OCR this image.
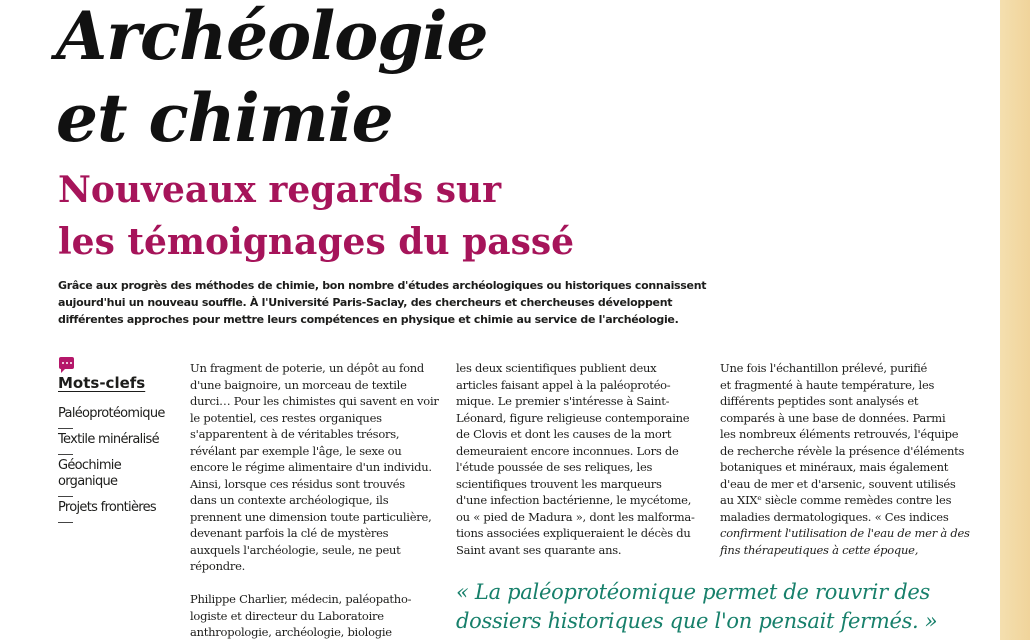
Archéologie
et chimie
Nouveaux regards sur
les témoignages du passé

Grâce aux progrès des méthodes de chimie, bon nombre d'études archéologiques ou historiques connaissent aujourd'hui un nouveau souffle. À l'Université Paris-Saclay, des chercheurs et chercheuses développent différentes approches pour mettre leurs compétences en physique et chimie au service de l'archéologie.

Mots-clefs
Paléoprotéomique
Textile minéralisé
Géochimie organique
Projets frontières

Un fragment de poterie, un dépôt au fond

d'une baignoire, un morceau de textile

durci… Pour les chimistes qui savent en voir

le potentiel, ces restes organiques

s'apparentent à de véritables trésors,

révélant par exemple l'âge, le sexe ou

encore le régime alimentaire d'un individu.

Ainsi, lorsque ces résidus sont trouvés

dans un contexte archéologique, ils

prennent une dimension toute particulière,

devenant parfois la clé de mystères

auxquels l'archéologie, seule, ne peut

répondre.

Philippe Charlier, médecin, paléopatho-

logiste et directeur du Laboratoire

anthropologie, archéologie, biologie

les deux scientifiques publient deux

articles faisant appel à la paléoprotéo-

mique. Le premier s'intéresse à Saint-

Léonard, figure religieuse contemporaine

de Clovis et dont les causes de la mort

demeuraient encore inconnues. Lors de

l'étude poussée de ses reliques, les

scientifiques trouvent les marqueurs

d'une infection bactérienne, le mycétome,

ou « pied de Madura », dont les malforma-

tions associées expliqueraient le décès du

Saint avant ses quarante ans.

Une fois l'échantillon prélevé, purifié

et fragmenté à haute température, les

différents peptides sont analysés et

comparés à une base de données. Parmi

les nombreux éléments retrouvés, l'équipe

de recherche révèle la présence d'éléments

botaniques et minéraux, mais également

d'eau de mer et d'arsenic, souvent utilisés

au XIXᵉ siècle comme remèdes contre les

maladies dermatologiques. « Ces indices

confirment l'utilisation de l'eau de mer à des

fins thérapeutiques à cette époque,

« La paléoprotéomique permet de rouvrir des

dossiers historiques que l'on pensait fermés. »
